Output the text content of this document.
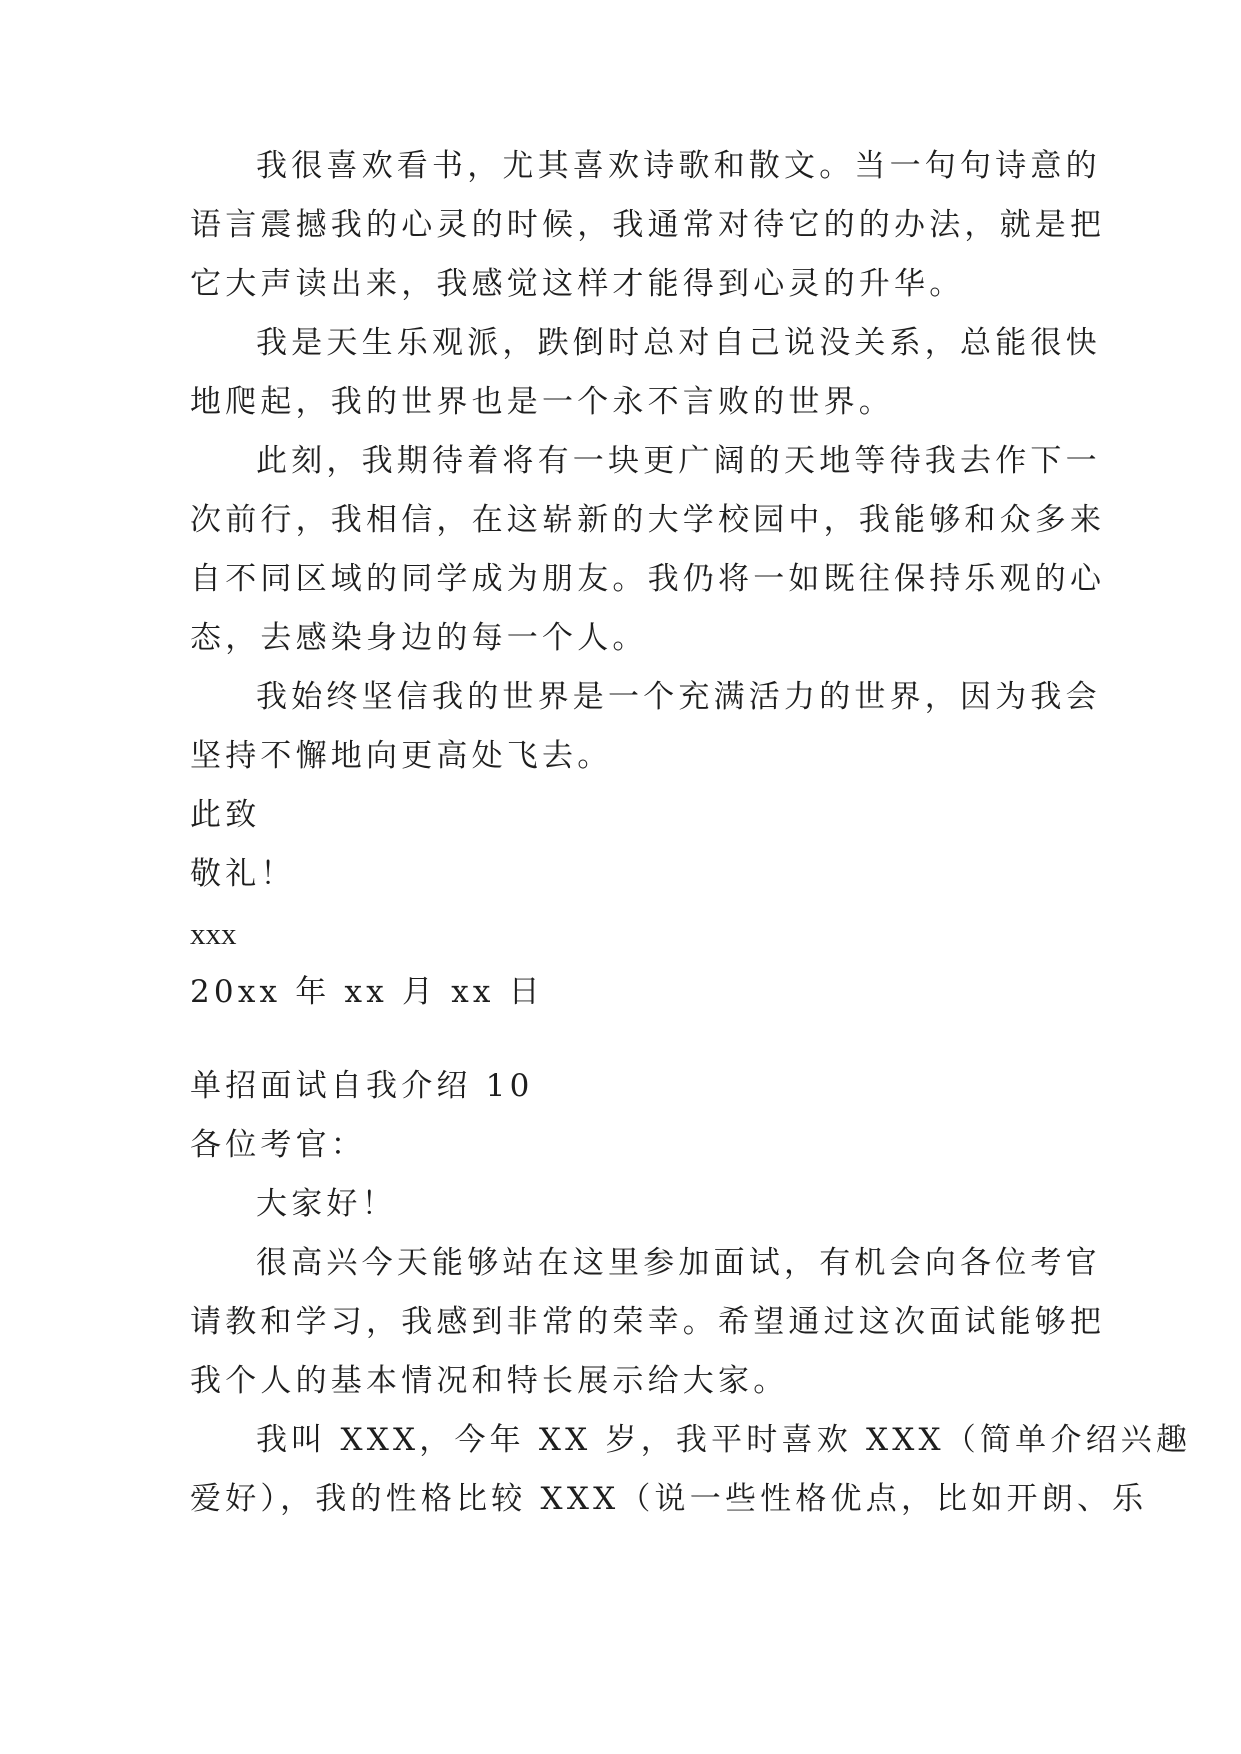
我很喜欢看书，尤其喜欢诗歌和散文。当一句句诗意的
语言震撼我的心灵的时候，我通常对待它的的办法，就是把
它大声读出来，我感觉这样才能得到心灵的升华。
我是天生乐观派，跌倒时总对自己说没关系，总能很快
地爬起，我的世界也是一个永不言败的世界。
此刻，我期待着将有一块更广阔的天地等待我去作下一
次前行，我相信，在这崭新的大学校园中，我能够和众多来
自不同区域的同学成为朋友。我仍将一如既往保持乐观的心
态，去感染身边的每一个人。
我始终坚信我的世界是一个充满活力的世界，因为我会
坚持不懈地向更高处飞去。
此致
敬礼！
xxx
20xx 年 xx 月 xx 日
单招面试自我介绍 10
各位考官：
大家好！
很高兴今天能够站在这里参加面试，有机会向各位考官
请教和学习，我感到非常的荣幸。希望通过这次面试能够把
我个人的基本情况和特长展示给大家。
我叫 XXX，今年 XX 岁，我平时喜欢 XXX（简单介绍兴趣
爱好），我的性格比较 XXX（说一些性格优点，比如开朗、乐
